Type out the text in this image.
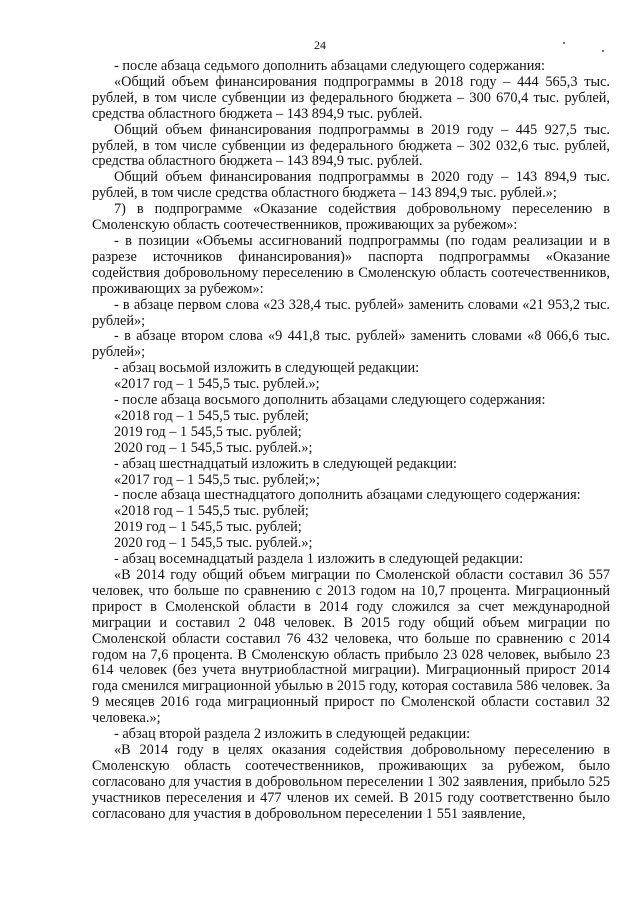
24

- после абзаца седьмого дополнить абзацами следующего содержания:

«Общий объем финансирования подпрограммы в 2018 году – 444 565,3 тыс. рублей, в том числе субвенции из федерального бюджета – 300 670,4 тыс. рублей, средства областного бюджета – 143 894,9 тыс. рублей.

Общий объем финансирования подпрограммы в 2019 году – 445 927,5 тыс. рублей, в том числе субвенции из федерального бюджета – 302 032,6 тыс. рублей, средства областного бюджета – 143 894,9 тыс. рублей.

Общий объем финансирования подпрограммы в 2020 году – 143 894,9 тыс. рублей, в том числе средства областного бюджета – 143 894,9 тыс. рублей.»;

7) в подпрограмме «Оказание содействия добровольному переселению в Смоленскую область соотечественников, проживающих за рубежом»:

- в позиции «Объемы ассигнований подпрограммы (по годам реализации и в разрезе источников финансирования)» паспорта подпрограммы «Оказание содействия добровольному переселению в Смоленскую область соотечественников, проживающих за рубежом»:

- в абзаце первом слова «23 328,4 тыс. рублей» заменить словами «21 953,2 тыс. рублей»;

- в абзаце втором слова «9 441,8 тыс. рублей» заменить словами «8 066,6 тыс. рублей»;

- абзац восьмой изложить в следующей редакции:

«2017 год – 1 545,5 тыс. рублей.»;

- после абзаца восьмого дополнить абзацами следующего содержания:

«2018 год – 1 545,5 тыс. рублей;

2019 год – 1 545,5 тыс. рублей;

2020 год – 1 545,5 тыс. рублей.»;

- абзац шестнадцатый изложить в следующей редакции:

«2017 год – 1 545,5 тыс. рублей;»;

- после абзаца шестнадцатого дополнить абзацами следующего содержания:

«2018 год – 1 545,5 тыс. рублей;

2019 год – 1 545,5 тыс. рублей;

2020 год – 1 545,5 тыс. рублей.»;

- абзац восемнадцатый раздела 1 изложить в следующей редакции:

«В 2014 году общий объем миграции по Смоленской области составил 36 557 человек, что больше по сравнению с 2013 годом на 10,7 процента. Миграционный прирост в Смоленской области в 2014 году сложился за счет международной миграции и составил 2 048 человек. В 2015 году общий объем миграции по Смоленской области составил 76 432 человека, что больше по сравнению с 2014 годом на 7,6 процента. В Смоленскую область прибыло 23 028 человек, выбыло 23 614 человек (без учета внутриобластной миграции). Миграционный прирост 2014 года сменился миграционной убылью в 2015 году, которая составила 586 человек. За 9 месяцев 2016 года миграционный прирост по Смоленской области составил 32 человека.»;

- абзац второй раздела 2 изложить в следующей редакции:

«В 2014 году в целях оказания содействия добровольному переселению в Смоленскую область соотечественников, проживающих за рубежом, было согласовано для участия в добровольном переселении 1 302 заявления, прибыло 525 участников переселения и 477 членов их семей. В 2015 году соответственно было согласовано для участия в добровольном переселении 1 551 заявление,
